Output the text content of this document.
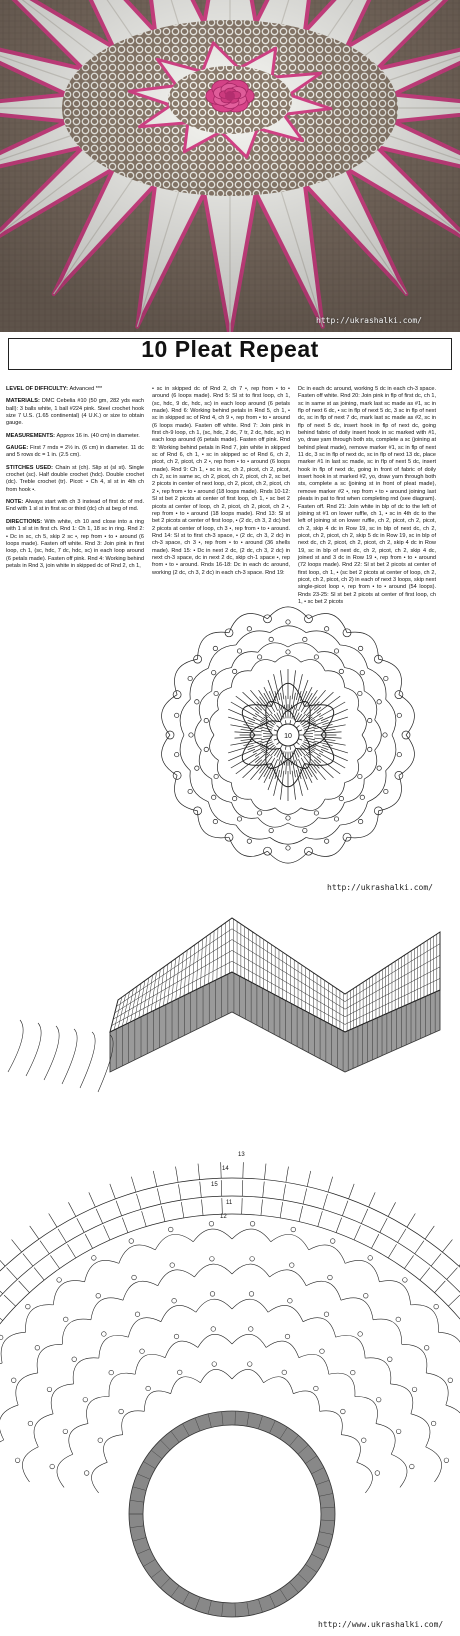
http://ukrashalki.com/
10 Pleat Repeat

LEVEL OF DIFFICULTY: Advanced ***

MATERIALS: DMC Cebelia #10 (50 gm, 282 yds each ball): 3 balls white, 1 ball #224 pink. Steel crochet hook size 7 U.S. (1.65 continental) (4 U.K.) or size to obtain gauge.

MEASUREMENTS: Approx 16 in. (40 cm) in diameter.

GAUGE: First 7 rnds = 2½ in. (6 cm) in diameter. 11 dc and 5 rows dc = 1 in. (2.5 cm).

STITCHES USED: Chain st (ch). Slip st (sl st). Single crochet (sc). Half double crochet (hdc). Double crochet (dc). Treble crochet (tr). Picot: • Ch 4, sl st in 4th ch from hook •.

NOTE: Always start with ch 3 instead of first dc of rnd. End with 1 sl st in first sc or third (dc) ch at beg of rnd.

DIRECTIONS: With white, ch 10 and close into a ring with 1 sl st in first ch. Rnd 1: Ch 1, 18 sc in ring. Rnd 2: • Dc in sc, ch 5, skip 2 sc •, rep from • to • around (6 loops made). Fasten off white. Rnd 3: Join pink in first loop, ch 1, (sc, hdc, 7 dc, hdc, sc) in each loop around (6 petals made). Fasten off pink. Rnd 4: Working behind petals in Rnd 3, join white in skipped dc of Rnd 2, ch 1,

• sc in skipped dc of Rnd 2, ch 7 •, rep from • to • around (6 loops made). Rnd 5: Sl st to first loop, ch 1, (sc, hdc, 9 dc, hdc, sc) in each loop around (6 petals made). Rnd 6: Working behind petals in Rnd 5, ch 1, • sc in skipped sc of Rnd 4, ch 9 •, rep from • to • around (6 loops made). Fasten off white. Rnd 7: Join pink in first ch-9 loop, ch 1, (sc, hdc, 2 dc, 7 tr, 2 dc, hdc, sc) in each loop around (6 petals made). Fasten off pink. Rnd 8: Working behind petals in Rnd 7, join white in skipped sc of Rnd 6, ch 1, • sc in skipped sc of Rnd 6, ch 2, picot, ch 2, picot, ch 2 •, rep from • to • around (6 loops made). Rnd 9: Ch 1, • sc in sc, ch 2, picot, ch 2, picot, ch 2, sc in same sc, ch 2, picot, ch 2, picot, ch 2, sc bet 2 picots in center of next loop, ch 2, picot, ch 2, picot, ch 2 •, rep from • to • around (18 loops made). Rnds 10-12: Sl st bet 2 picots at center of first loop, ch 1, • sc bet 2 picots at center of loop, ch 2, picot, ch 2, picot, ch 2 •, rep from • to • around (18 loops made). Rnd 13: Sl st bet 2 picots at center of first loop, • (2 dc, ch 3, 2 dc) bet 2 picots at center of loop, ch 3 •, rep from • to • around. Rnd 14: Sl st to first ch-3 space, • (2 dc, ch 3, 2 dc) in ch-3 space, ch 3 •, rep from • to • around (36 shells made). Rnd 15: • Dc in next 2 dc, (2 dc, ch 3, 2 dc) in next ch-3 space, dc in next 2 dc, skip ch-1 space •, rep from • to • around. Rnds 16-18: Dc in each dc around, working (2 dc, ch 3, 2 dc) in each ch-3 space. Rnd 19:

Dc in each dc around, working 5 dc in each ch-3 space. Fasten off white. Rnd 20: Join pink in flp of first dc, ch 1, sc in same st as joining, mark last sc made as #1, sc in flp of next 6 dc, • sc in flp of next 5 dc, 3 sc in flp of next dc, sc in flp of next 7 dc, mark last sc made as #2, sc in flp of next 5 dc, insert hook in flp of next dc, going behind fabric of doily insert hook in sc marked with #1, yo, draw yarn through both sts, complete a sc (joining at behind pleat made), remove marker #1, sc in flp of next 11 dc, 3 sc in flp of next dc, sc in flp of next 13 dc, place marker #1 in last sc made, sc in flp of next 5 dc, insert hook in flp of next dc, going in front of fabric of doily insert hook in st marked #2, yo, draw yarn through both sts, complete a sc (joining st in front of pleat made), remove marker #2 •, rep from • to • around joining last pleats in pat to first when completing rnd (see diagram). Fasten off. Rnd 21: Join white in blp of dc to the left of joining st #1 on lower ruffle, ch 1, • sc in 4th dc to the left of joining st on lower ruffle, ch 2, picot, ch 2, picot, ch 2, skip 4 dc in Row 19, sc in blp of next dc, ch 2, picot, ch 2, picot, ch 2, skip 5 dc in Row 19, sc in blp of next dc, ch 2, picot, ch 2, picot, ch 2, skip 4 dc in Row 19, sc in blp of next dc, ch 2, picot, ch 2, skip 4 dc, joined st and 3 dc in Row 19 •, rep from • to • around (72 loops made). Rnd 22: Sl st bet 2 picots at center of first loop, ch 1, • (sc bet 2 picots at center of loop, ch 2, picot, ch 2, picot, ch 2) in each of next 3 loops, skip next single-picot loop •, rep from • to • around (54 loops). Rnds 23-25: Sl st bet 2 picots at center of first loop, ch 1, • sc bet 2 picots

10
http://ukrashalki.com/
13
14
15
11
12
http://www.ukrashalki.com/
